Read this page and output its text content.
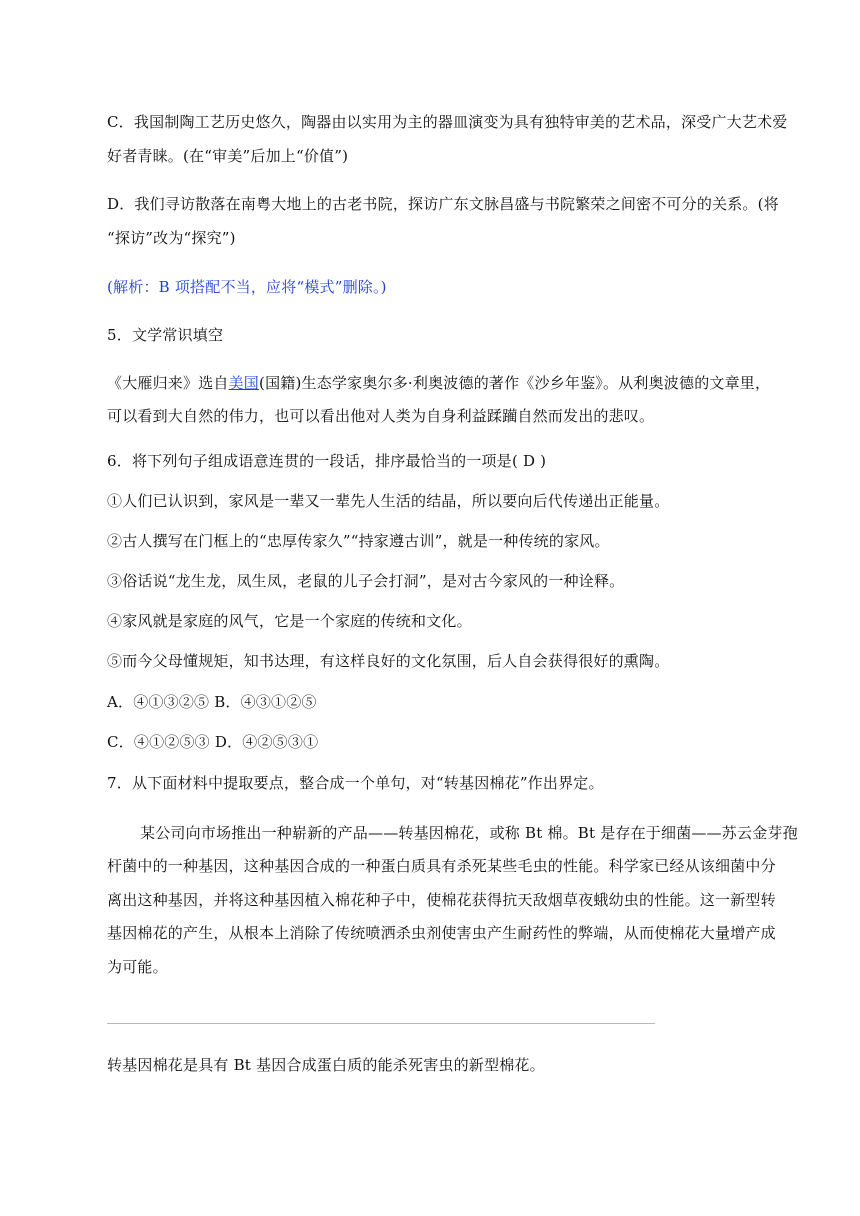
C．我国制陶工艺历史悠久，陶器由以实用为主的器皿演变为具有独特审美的艺术品，深受广大艺术爱
好者青睐。(在“审美”后加上“价值”)
D．我们寻访散落在南粤大地上的古老书院，探访广东文脉昌盛与书院繁荣之间密不可分的关系。(将
“探访”改为“探究”)
(解析：B 项搭配不当，应将“模式”删除。)
5．文学常识填空
《大雁归来》选自美国(国籍)生态学家奥尔多·利奥波德的著作《沙乡年鉴》。从利奥波德的文章里，
可以看到大自然的伟力，也可以看出他对人类为自身利益蹂躏自然而发出的悲叹。
6．将下列句子组成语意连贯的一段话，排序最恰当的一项是( D )
①人们已认识到，家风是一辈又一辈先人生活的结晶，所以要向后代传递出正能量。
②古人撰写在门框上的“忠厚传家久”“持家遵古训”，就是一种传统的家风。
③俗话说“龙生龙，凤生凤，老鼠的儿子会打洞”，是对古今家风的一种诠释。
④家风就是家庭的风气，它是一个家庭的传统和文化。
⑤而今父母懂规矩，知书达理，有这样良好的文化氛围，后人自会获得很好的熏陶。
A．④①③②⑤ B．④③①②⑤
C．④①②⑤③ D．④②⑤③①
7．从下面材料中提取要点，整合成一个单句，对“转基因棉花”作出界定。
某公司向市场推出一种崭新的产品——转基因棉花，或称 Bt 棉。Bt 是存在于细菌——苏云金芽孢
杆菌中的一种基因，这种基因合成的一种蛋白质具有杀死某些毛虫的性能。科学家已经从该细菌中分
离出这种基因，并将这种基因植入棉花种子中，使棉花获得抗天敌烟草夜蛾幼虫的性能。这一新型转
基因棉花的产生，从根本上消除了传统喷洒杀虫剂使害虫产生耐药性的弊端，从而使棉花大量增产成
为可能。
转基因棉花是具有 Bt 基因合成蛋白质的能杀死害虫的新型棉花。
